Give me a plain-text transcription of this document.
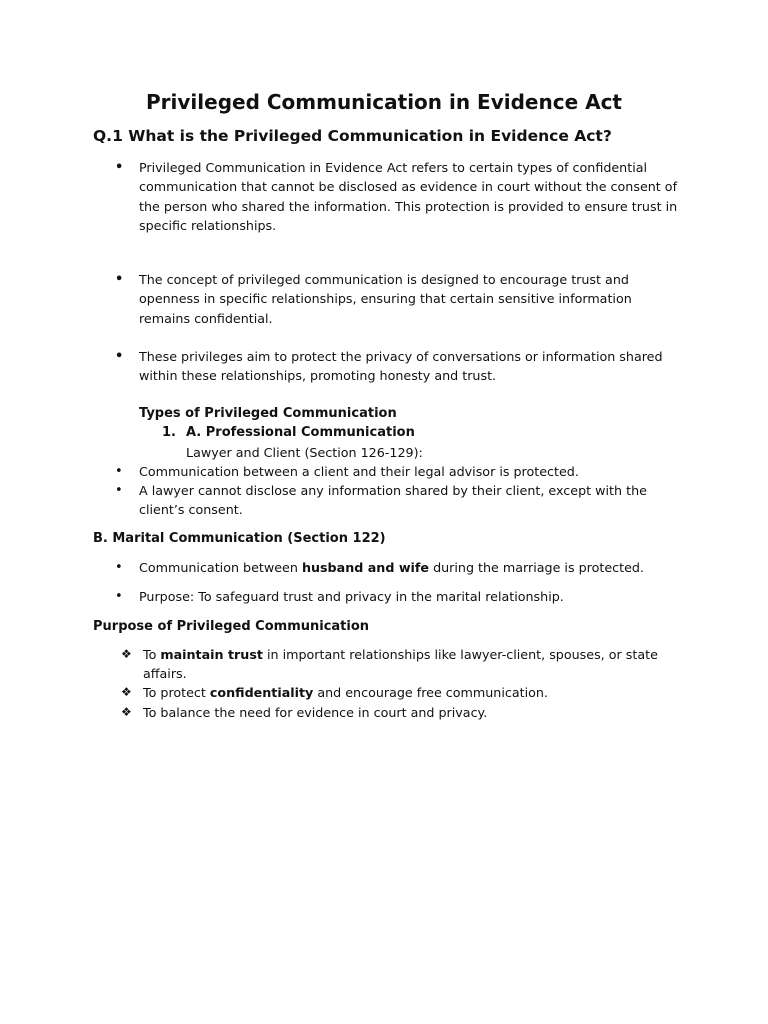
Privileged Communication in Evidence Act
Q.1 What is the Privileged Communication in Evidence Act?
• Privileged Communication in Evidence Act refers to certain types of confidential

communication that cannot be disclosed as evidence in court without the consent of

the person who shared the information. This protection is provided to ensure trust in

specific relationships.

• The concept of privileged communication is designed to encourage trust and

openness in specific relationships, ensuring that certain sensitive information

remains confidential.

• These privileges aim to protect the privacy of conversations or information shared

within these relationships, promoting honesty and trust.

Types of Privileged Communication
1. A. Professional Communication
Lawyer and Client (Section 126-129):
• Communication between a client and their legal advisor is protected.
• A lawyer cannot disclose any information shared by their client, except with the
client’s consent.
B. Marital Communication (Section 122)
• Communication between husband and wife during the marriage is protected.
• Purpose: To safeguard trust and privacy in the marital relationship.
Purpose of Privileged Communication
❖ To maintain trust in important relationships like lawyer-client, spouses, or state
affairs.
❖ To protect confidentiality and encourage free communication.
❖ To balance the need for evidence in court and privacy.
